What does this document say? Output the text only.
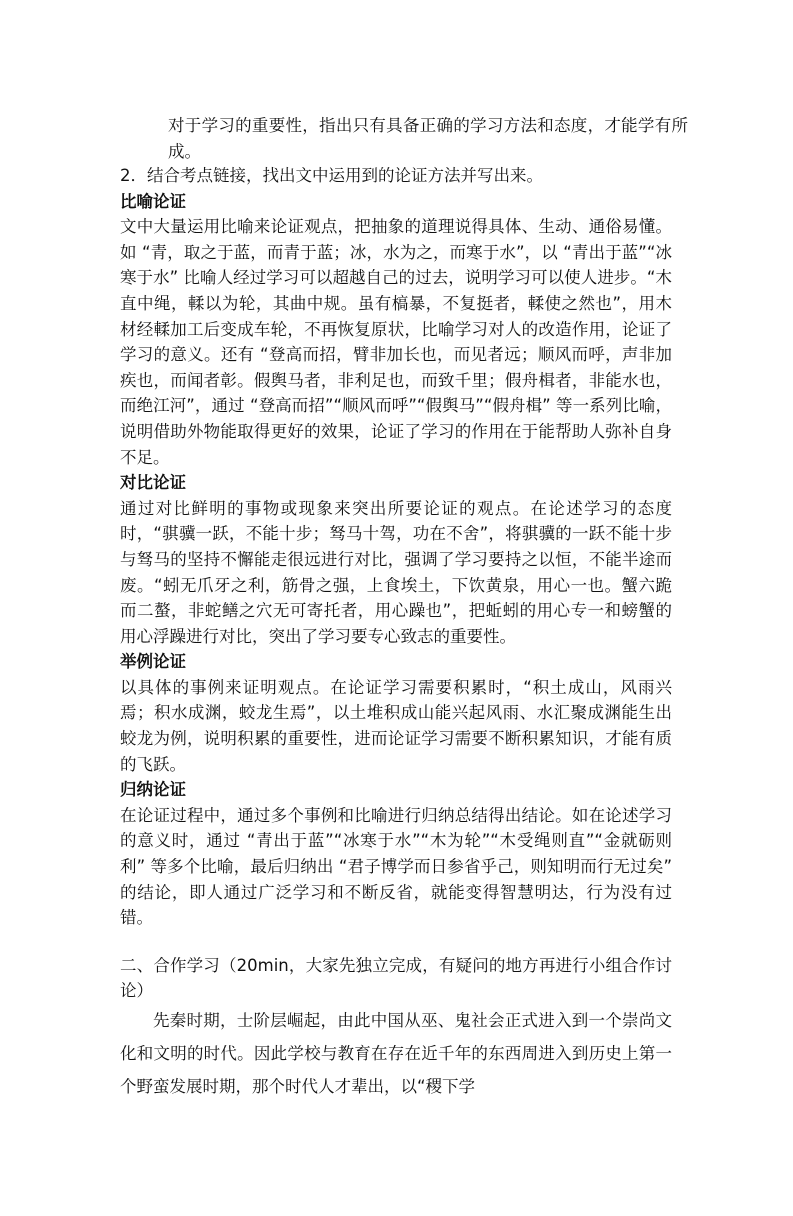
对于学习的重要性，指出只有具备正确的学习方法和态度，才能学有所成。

2．结合考点链接，找出文中运用到的论证方法并写出来。

比喻论证

文中大量运用比喻来论证观点，把抽象的道理说得具体、生动、通俗易懂。如 “青，取之于蓝，而青于蓝；冰，水为之，而寒于水”，以 “青出于蓝”“冰寒于水” 比喻人经过学习可以超越自己的过去，说明学习可以使人进步。“木直中绳，輮以为轮，其曲中规。虽有槁暴，不复挺者，輮使之然也”，用木材经輮加工后变成车轮，不再恢复原状，比喻学习对人的改造作用，论证了学习的意义。还有 “登高而招，臂非加长也，而见者远；顺风而呼，声非加疾也，而闻者彰。假舆马者，非利足也，而致千里；假舟楫者，非能水也，而绝江河”，通过 “登高而招”“顺风而呼”“假舆马”“假舟楫” 等一系列比喻，说明借助外物能取得更好的效果，论证了学习的作用在于能帮助人弥补自身不足。

对比论证

通过对比鲜明的事物或现象来突出所要论证的观点。在论述学习的态度时，“骐骥一跃，不能十步；驽马十驾，功在不舍”，将骐骥的一跃不能十步与驽马的坚持不懈能走很远进行对比，强调了学习要持之以恒，不能半途而废。“蚓无爪牙之利，筋骨之强，上食埃土，下饮黄泉，用心一也。蟹六跪而二螯，非蛇鳝之穴无可寄托者，用心躁也”，把蚯蚓的用心专一和螃蟹的用心浮躁进行对比，突出了学习要专心致志的重要性。

举例论证

以具体的事例来证明观点。在论证学习需要积累时，“积土成山，风雨兴焉；积水成渊，蛟龙生焉”，以土堆积成山能兴起风雨、水汇聚成渊能生出蛟龙为例，说明积累的重要性，进而论证学习需要不断积累知识，才能有质的飞跃。

归纳论证

在论证过程中，通过多个事例和比喻进行归纳总结得出结论。如在论述学习的意义时，通过 “青出于蓝”“冰寒于水”“木为轮”“木受绳则直”“金就砺则利” 等多个比喻，最后归纳出 “君子博学而日参省乎己，则知明而行无过矣” 的结论，即人通过广泛学习和不断反省，就能变得智慧明达，行为没有过错。

二、合作学习（20min，大家先独立完成，有疑问的地方再进行小组合作讨论）

先秦时期，士阶层崛起，由此中国从巫、鬼社会正式进入到一个崇尚文化和文明的时代。因此学校与教育在存在近千年的东西周进入到历史上第一个野蛮发展时期，那个时代人才辈出，以“稷下学
